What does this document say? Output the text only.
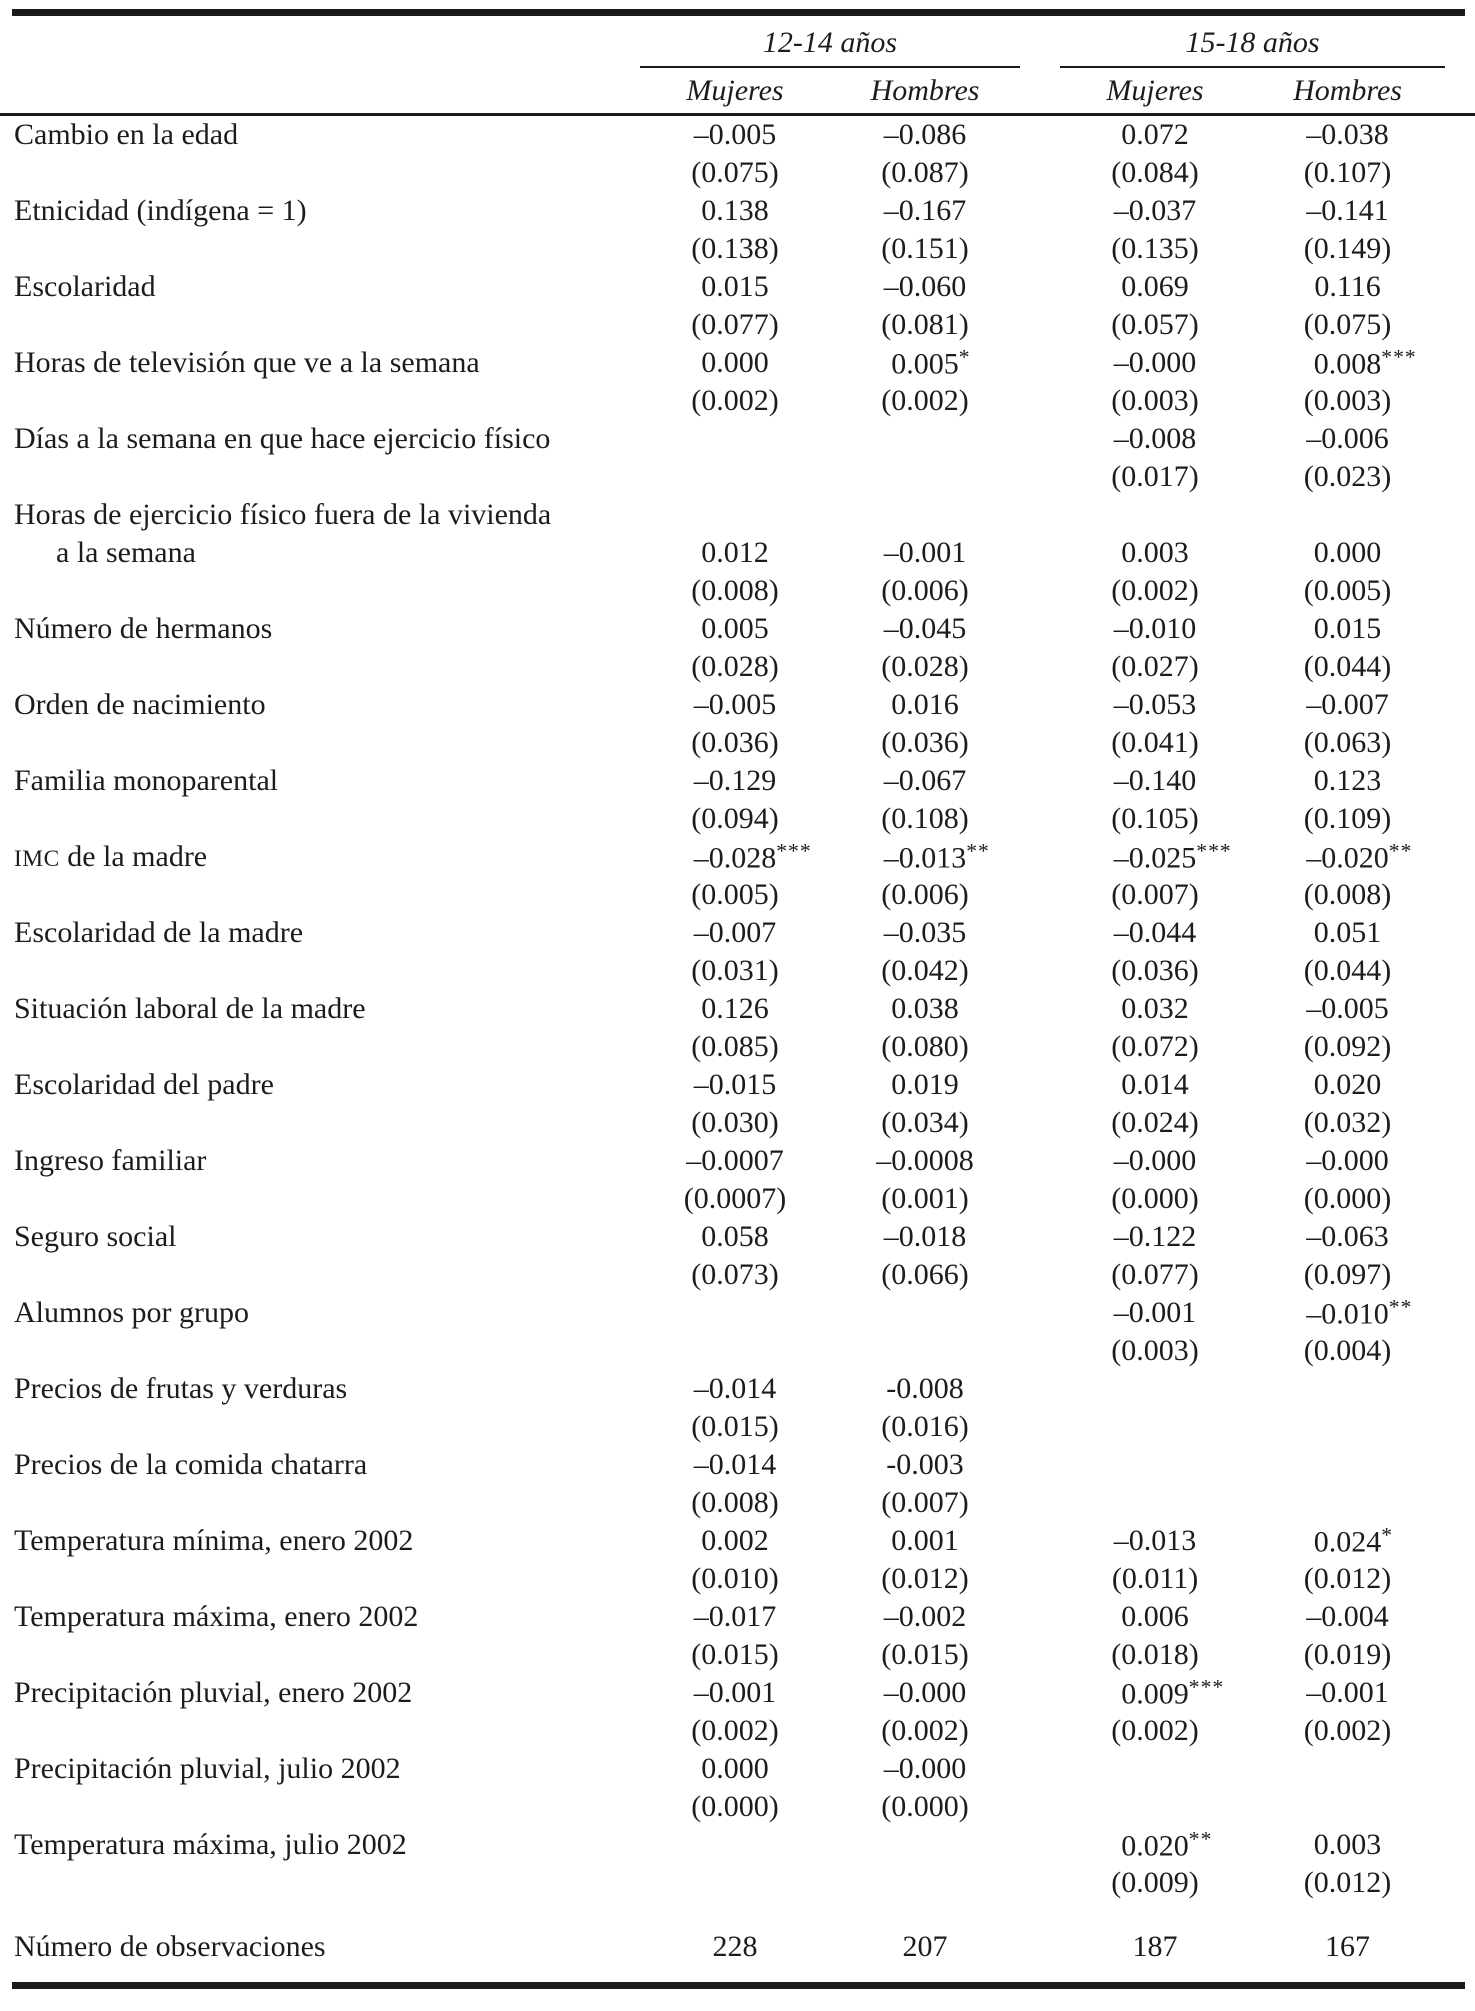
	12-14 años			15-18 años		
	Mujeres	Hombres		Mujeres	Hombres	
Cambio en la edad	–0.005	–0.086		0.072	–0.038	
	(0.075)	(0.087)		(0.084)	(0.107)	
Etnicidad (indígena = 1)	0.138	–0.167		–0.037	–0.141	
	(0.138)	(0.151)		(0.135)	(0.149)	
Escolaridad	0.015	–0.060		0.069	0.116	
	(0.077)	(0.081)		(0.057)	(0.075)	
Horas de televisión que ve a la semana	0.000	0.005*		–0.000	0.008***	
	(0.002)	(0.002)		(0.003)	(0.003)	
Días a la semana en que hace ejercicio físico				–0.008	–0.006	
				(0.017)	(0.023)	
Horas de ejercicio físico fuera de la vivienda						
a la semana	0.012	–0.001		0.003	0.000	
	(0.008)	(0.006)		(0.002)	(0.005)	
Número de hermanos	0.005	–0.045		–0.010	0.015	
	(0.028)	(0.028)		(0.027)	(0.044)	
Orden de nacimiento	–0.005	0.016		–0.053	–0.007	
	(0.036)	(0.036)		(0.041)	(0.063)	
Familia monoparental	–0.129	–0.067		–0.140	0.123	
	(0.094)	(0.108)		(0.105)	(0.109)	
IMC de la madre	–0.028***	–0.013**		–0.025***	–0.020**	
	(0.005)	(0.006)		(0.007)	(0.008)	
Escolaridad de la madre	–0.007	–0.035		–0.044	0.051	
	(0.031)	(0.042)		(0.036)	(0.044)	
Situación laboral de la madre	0.126	0.038		0.032	–0.005	
	(0.085)	(0.080)		(0.072)	(0.092)	
Escolaridad del padre	–0.015	0.019		0.014	0.020	
	(0.030)	(0.034)		(0.024)	(0.032)	
Ingreso familiar	–0.0007	–0.0008		–0.000	–0.000	
	(0.0007)	(0.001)		(0.000)	(0.000)	
Seguro social	0.058	–0.018		–0.122	–0.063	
	(0.073)	(0.066)		(0.077)	(0.097)	
Alumnos por grupo				–0.001	–0.010**	
				(0.003)	(0.004)	
Precios de frutas y verduras	–0.014	-0.008				
	(0.015)	(0.016)				
Precios de la comida chatarra	–0.014	-0.003				
	(0.008)	(0.007)				
Temperatura mínima, enero 2002	0.002	0.001		–0.013	0.024*	
	(0.010)	(0.012)		(0.011)	(0.012)	
Temperatura máxima, enero 2002	–0.017	–0.002		0.006	–0.004	
	(0.015)	(0.015)		(0.018)	(0.019)	
Precipitación pluvial, enero 2002	–0.001	–0.000		0.009***	–0.001	
	(0.002)	(0.002)		(0.002)	(0.002)	
Precipitación pluvial, julio 2002	0.000	–0.000				
	(0.000)	(0.000)				
Temperatura máxima, julio 2002				0.020**	0.003	
				(0.009)	(0.012)	
Número de observaciones	228	207		187	167	
